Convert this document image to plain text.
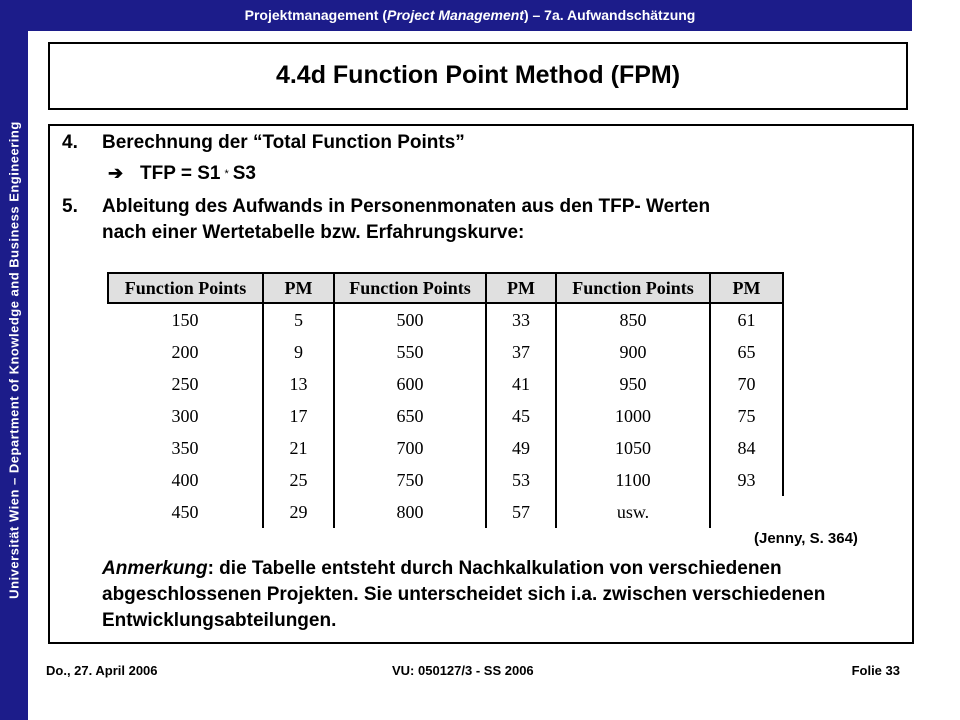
Universität Wien – Department of Knowledge and Business Engineering
Projektmanagement (Project Management) – 7a. Aufwandschätzung
4.4d Function Point Method (FPM)
4. Berechnung der “Total Function Points”
➔ TFP = S1 * S3
5. Ableitung des Aufwands in Personenmonaten aus den TFP- Werten
nach einer Wertetabelle bzw. Erfahrungskurve:
Function Points	PM	Function Points	PM	Function Points	PM
150	5	500	33	850	61
200	9	550	37	900	65
250	13	600	41	950	70
300	17	650	45	1000	75
350	21	700	49	1050	84
400	25	750	53	1100	93
450	29	800	57	usw.	
(Jenny, S. 364)
Anmerkung: die Tabelle entsteht durch Nachkalkulation von verschiedenen abgeschlossenen Projekten. Sie unterscheidet sich i.a. zwischen verschiedenen Entwicklungsabteilungen.
Do., 27. April 2006	VU: 050127/3 - SS 2006	Folie 33
